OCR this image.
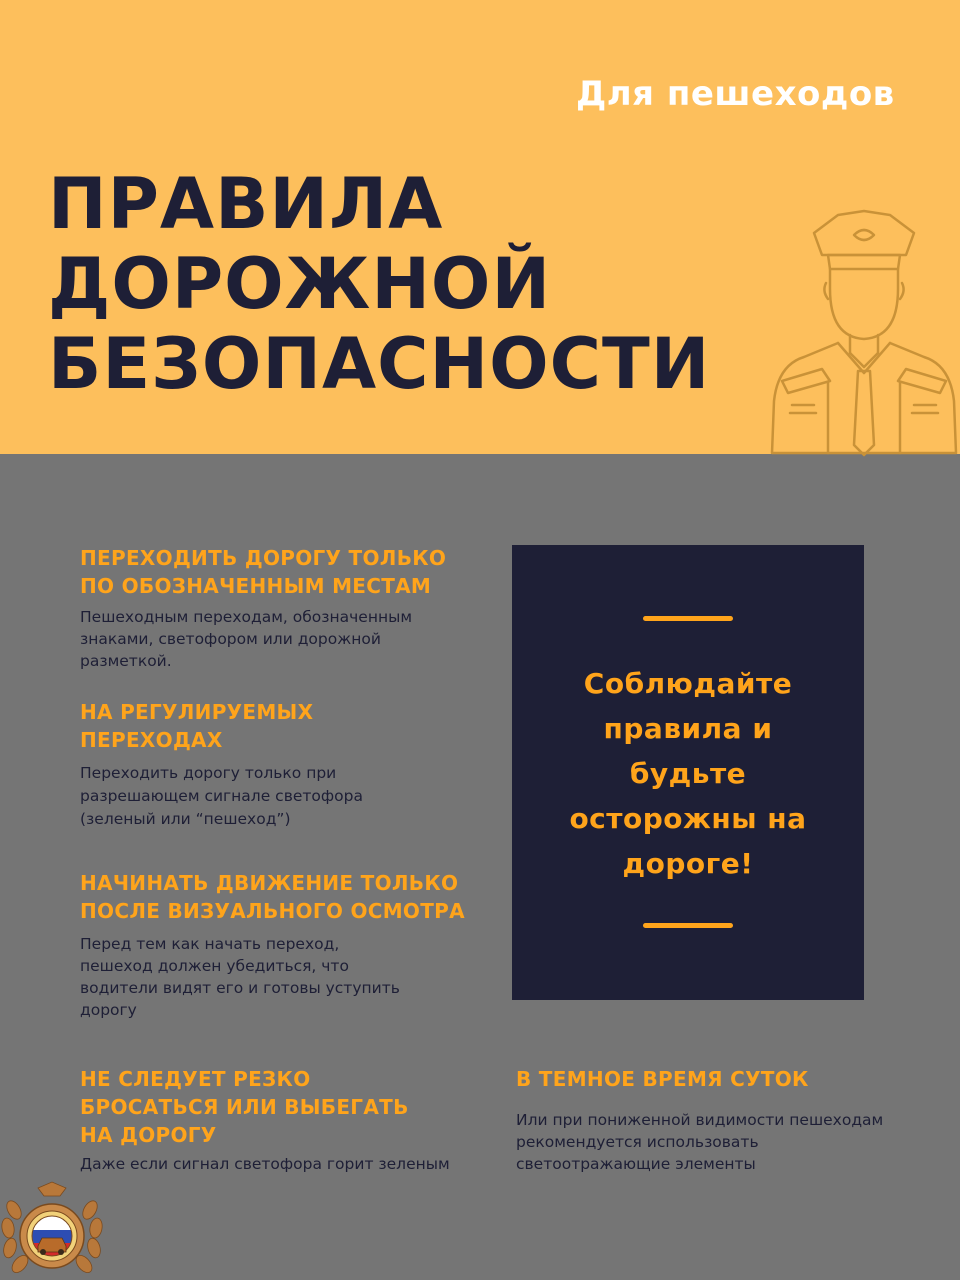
Для пешеходов
ПРАВИЛА
ДОРОЖНОЙ
БЕЗОПАСНОСТИ
ПЕРЕХОДИТЬ ДОРОГУ ТОЛЬКО
ПО ОБОЗНАЧЕННЫМ МЕСТАМ
Пешеходным переходам, обозначенным
знаками, светофором или дорожной
разметкой.
НА РЕГУЛИРУЕМЫХ
ПЕРЕХОДАХ
Переходить дорогу только при
разрешающем сигнале светофора
(зеленый или “пешеход”)
НАЧИНАТЬ ДВИЖЕНИЕ ТОЛЬКО
ПОСЛЕ ВИЗУАЛЬНОГО ОСМОТРА
Перед тем как начать переход,
пешеход должен убедиться, что
водители видят его и готовы уступить
дорогу
НЕ СЛЕДУЕТ РЕЗКО
БРОСАТЬСЯ ИЛИ ВЫБЕГАТЬ
НА ДОРОГУ
Даже если сигнал светофора горит зеленым
В ТЕМНОЕ ВРЕМЯ СУТОК
Или при пониженной видимости пешеходам
рекомендуется использовать
светоотражающие элементы
Соблюдайте
правила и
будьте
осторожны на
дороге!
